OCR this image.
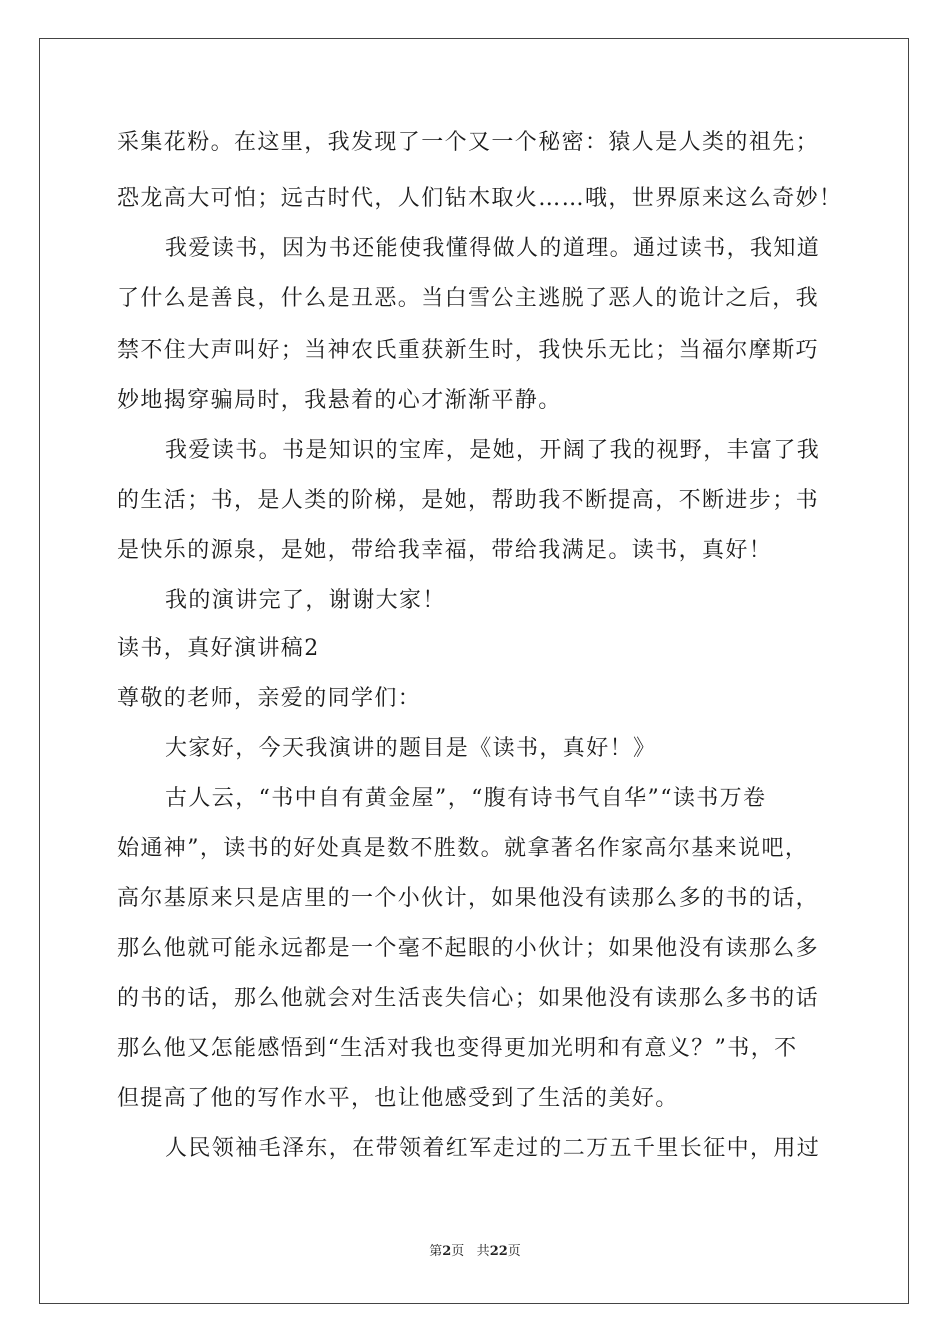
采集花粉。在这里，我发现了一个又一个秘密：猿人是人类的祖先；
恐龙高大可怕；远古时代，人们钻木取火……哦，世界原来这么奇妙！
我爱读书，因为书还能使我懂得做人的道理。通过读书，我知道
了什么是善良，什么是丑恶。当白雪公主逃脱了恶人的诡计之后，我
禁不住大声叫好；当神农氏重获新生时，我快乐无比；当福尔摩斯巧
妙地揭穿骗局时，我悬着的心才渐渐平静。
我爱读书。书是知识的宝库，是她，开阔了我的视野，丰富了我
的生活；书，是人类的阶梯，是她，帮助我不断提高，不断进步；书
是快乐的源泉，是她，带给我幸福，带给我满足。读书，真好！
我的演讲完了，谢谢大家！
读书，真好演讲稿2
尊敬的老师，亲爱的同学们：
大家好，今天我演讲的题目是《读书，真好！》
古人云，“书中自有黄金屋”，“腹有诗书气自华”“读书万卷
始通神”，读书的好处真是数不胜数。就拿著名作家高尔基来说吧，
高尔基原来只是店里的一个小伙计，如果他没有读那么多的书的话，
那么他就可能永远都是一个毫不起眼的小伙计；如果他没有读那么多
的书的话，那么他就会对生活丧失信心；如果他没有读那么多书的话
那么他又怎能感悟到“生活对我也变得更加光明和有意义？”书，不
但提高了他的写作水平，也让他感受到了生活的美好。
人民领袖毛泽东，在带领着红军走过的二万五千里长征中，用过
第2页 共22页
